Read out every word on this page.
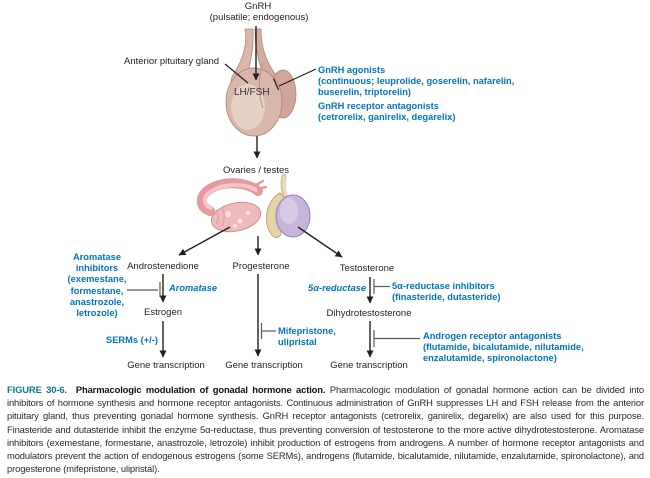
GnRH
(pulsatile; endogenous)
Anterior pituitary gland
LH/FSH
GnRH agonists
(continuous; leuprolide, goserelin, nafarelin,
buserelin, triptorelin)
GnRH receptor antagonists
(cetrorelix, ganirelix, degarelix)
Ovaries / testes
Androstenedione	Progesterone	Testosterone
Aromatase
inhibitors
(exemestane,
formestane,
anastrozole,
letrozole)
Aromatase
Estrogen
SERMs (+/-)
Gene transcription
Mifepristone,
ulipristal
Gene transcription
5α-reductase	5α-reductase inhibitors
(finasteride, dutasteride)
Dihydrotestosterone
Androgen receptor antagonists
(flutamide, bicalutamide, nilutamide,
enzalutamide, spironolactone)
Gene transcription

FIGURE 30-6. Pharmacologic modulation of gonadal hormone action. Pharmacologic modulation of gonadal hormone action can be divided into inhibitors of hormone synthesis and hormone receptor antagonists. Continuous administration of GnRH suppresses LH and FSH release from the anterior pituitary gland, thus preventing gonadal hormone synthesis. GnRH receptor antagonists (cetrorelix, ganirelix, degarelix) are also used for this purpose. Finasteride and dutasteride inhibit the enzyme 5α-reductase, thus preventing conversion of testosterone to the more active dihydrotestosterone. Aromatase inhibitors (exemestane, formestane, anastrozole, letrozole) inhibit production of estrogens from androgens. A number of hormone receptor antagonists and modulators prevent the action of endogenous estrogens (some SERMs), androgens (flutamide, bicalutamide, nilutamide, enzalutamide, spironolactone), and progesterone (mifepristone, ulipristal).
